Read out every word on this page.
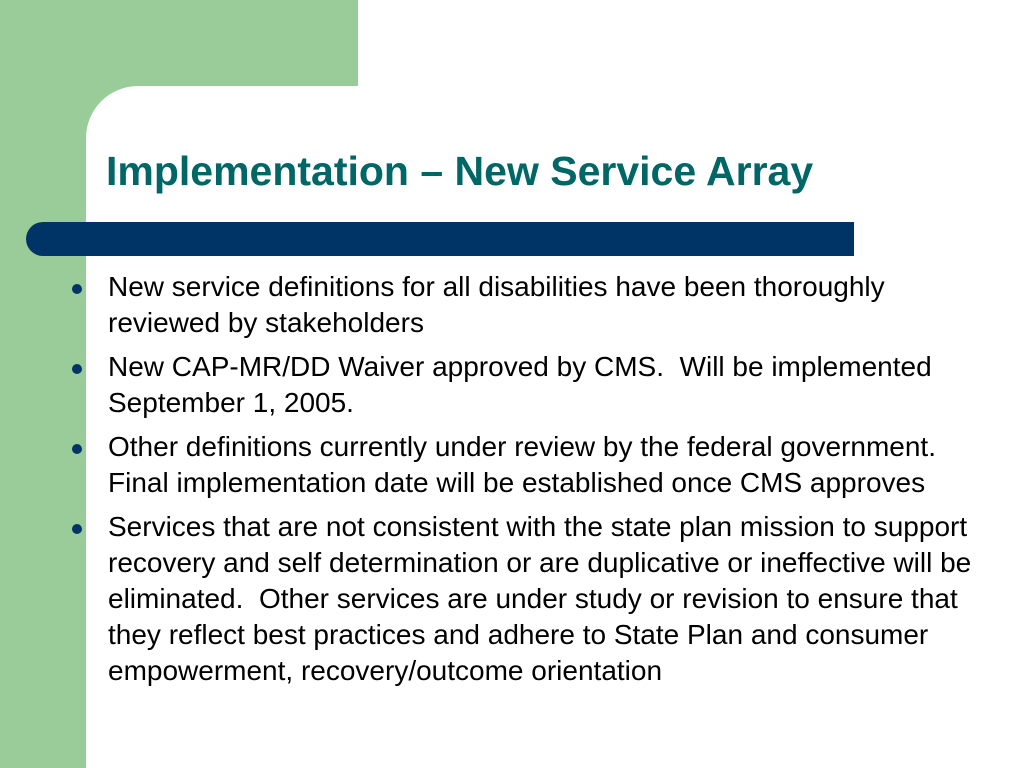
Implementation – New Service Array
New service definitions for all disabilities have been thoroughly reviewed by stakeholders
New CAP-MR/DD Waiver approved by CMS.  Will be implemented September 1, 2005.
Other definitions currently under review by the federal government.  Final implementation date will be established once CMS approves
Services that are not consistent with the state plan mission to support recovery and self determination or are duplicative or ineffective will be eliminated.  Other services are under study or revision to ensure that they reflect best practices and adhere to State Plan and consumer empowerment, recovery/outcome orientation
